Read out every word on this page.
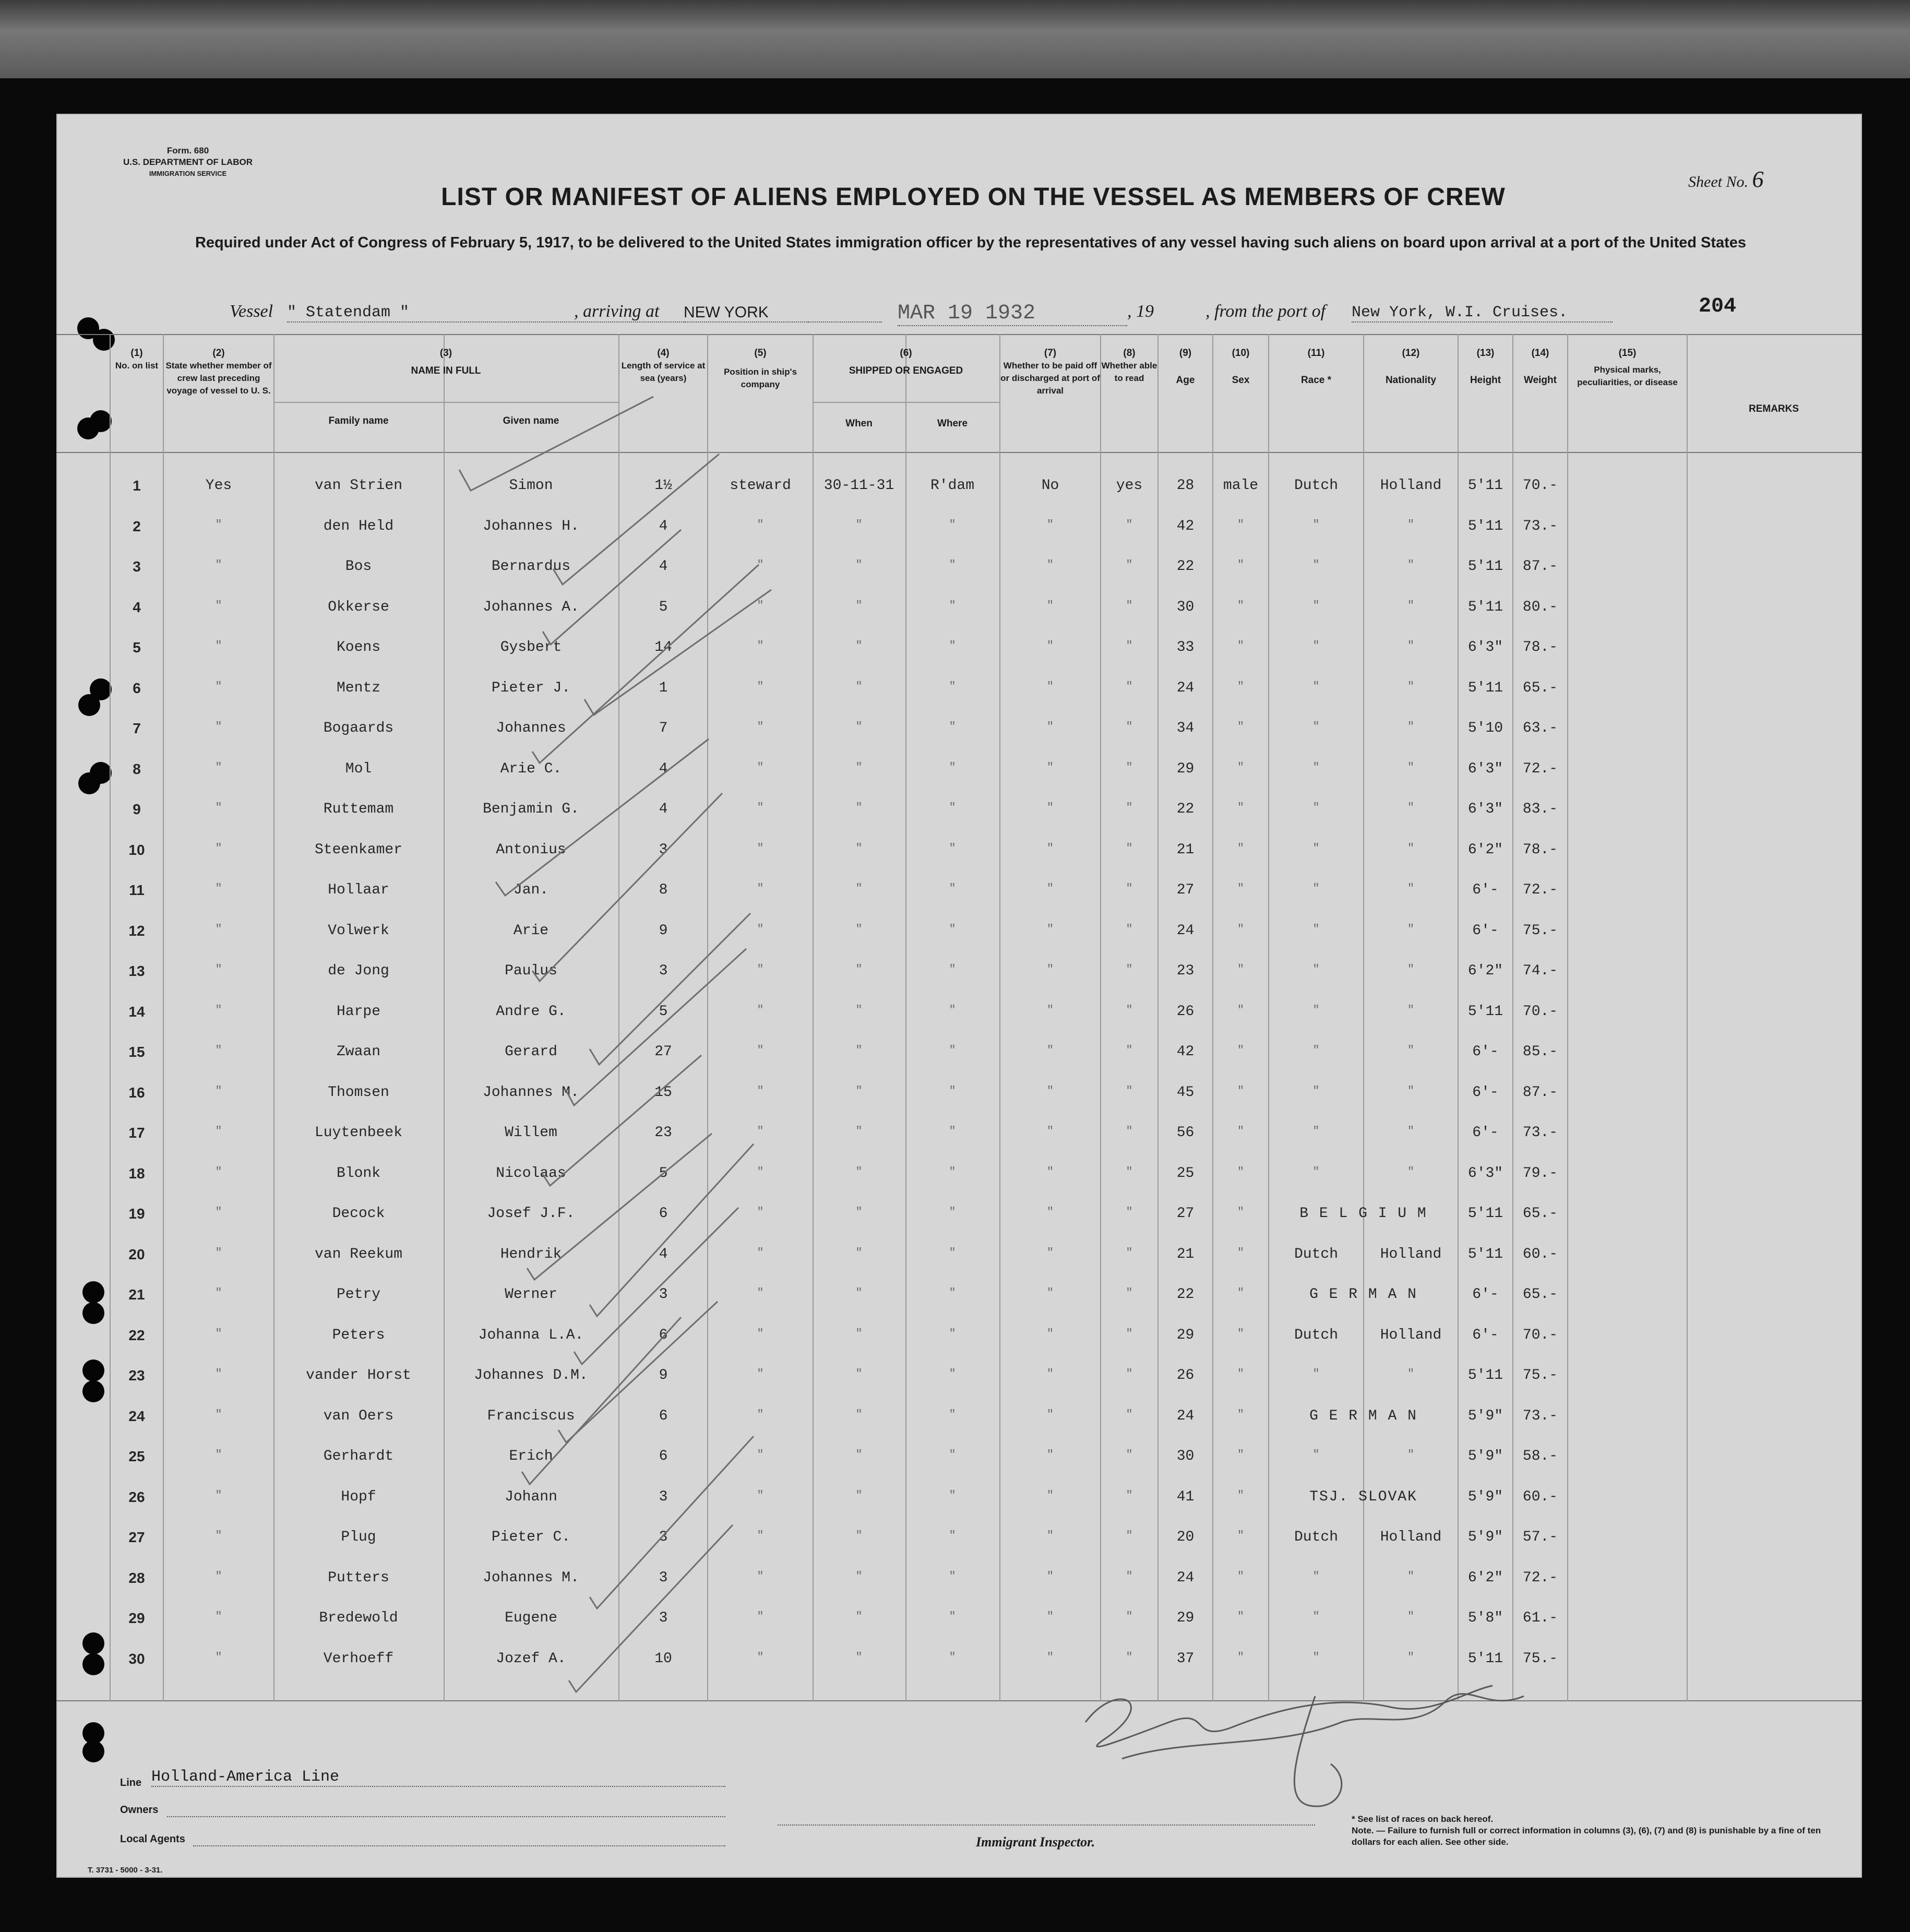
Form. 680
U.S. DEPARTMENT OF LABOR
IMMIGRATION SERVICE	Sheet No. 6
LIST OR MANIFEST OF ALIENS EMPLOYED ON THE VESSEL AS MEMBERS OF CREW
Required under Act of Congress of February 5, 1917, to be delivered to the United States immigration officer by the representatives of any vessel having such aliens on board upon arrival at a port of the United States
204
Vessel " Statendam "	, arriving at NEW YORK	MAR 19 1932	, 19	, from the port of New York, W.I. Cruises.
(1)
No. on list
(2)
State whether member of crew last preceding voyage of vessel to U. S.
(3)
NAME IN FULL
Family name	Given name
(4)
Length of service at sea (years)
(5)
Position in ship's company
(6)
SHIPPED OR ENGAGED
When	Where
(7)
Whether to be paid off or discharged at port of arrival
(8)
Whether able to read
(9)
Age
(10)
Sex
(11)
Race *
(12)
Nationality
(13)
Height
(14)
Weight
(15)
Physical marks, peculiarities, or disease
REMARKS
1	Yes	van Strien	Simon	1½	steward	30-11-31	R'dam	No	yes	28	male	Dutch	Holland	5'11	70.-
2	"	den Held	Johannes H.	4	"	"	"	"	"	42	"	"	"	5'11	73.-
3	"	Bos	Bernardus	4	"	"	"	"	"	22	"	"	"	5'11	87.-
4	"	Okkerse	Johannes A.	5	"	"	"	"	"	30	"	"	"	5'11	80.-
5	"	Koens	Gysbert	14	"	"	"	"	"	33	"	"	"	6'3"	78.-
6	"	Mentz	Pieter J.	1	"	"	"	"	"	24	"	"	"	5'11	65.-
7	"	Bogaards	Johannes	7	"	"	"	"	"	34	"	"	"	5'10	63.-
8	"	Mol	Arie C.	4	"	"	"	"	"	29	"	"	"	6'3"	72.-
9	"	Ruttemam	Benjamin G.	4	"	"	"	"	"	22	"	"	"	6'3"	83.-
10	"	Steenkamer	Antonius	3	"	"	"	"	"	21	"	"	"	6'2"	78.-
11	"	Hollaar	Jan.	8	"	"	"	"	"	27	"	"	"	6'-	72.-
12	"	Volwerk	Arie	9	"	"	"	"	"	24	"	"	"	6'-	75.-
13	"	de Jong	Paulus	3	"	"	"	"	"	23	"	"	"	6'2"	74.-
14	"	Harpe	Andre G.	5	"	"	"	"	"	26	"	"	"	5'11	70.-
15	"	Zwaan	Gerard	27	"	"	"	"	"	42	"	"	"	6'-	85.-
16	"	Thomsen	Johannes M.	15	"	"	"	"	"	45	"	"	"	6'-	87.-
17	"	Luytenbeek	Willem	23	"	"	"	"	"	56	"	"	"	6'-	73.-
18	"	Blonk	Nicolaas	5	"	"	"	"	"	25	"	"	"	6'3"	79.-
19	"	Decock	Josef J.F.	6	"	"	"	"	"	27	"	B E L G I U M	5'11	65.-
20	"	van Reekum	Hendrik	4	"	"	"	"	"	21	"	Dutch	Holland	5'11	60.-
21	"	Petry	Werner	3	"	"	"	"	"	22	"	G E R M A N	6'-	65.-
22	"	Peters	Johanna L.A.	6	"	"	"	"	"	29	"	Dutch	Holland	6'-	70.-
23	"	vander Horst	Johannes D.M.	9	"	"	"	"	"	26	"	"	"	5'11	75.-
24	"	van Oers	Franciscus	6	"	"	"	"	"	24	"	G E R M A N	5'9"	73.-
25	"	Gerhardt	Erich	6	"	"	"	"	"	30	"	"	"	5'9"	58.-
26	"	Hopf	Johann	3	"	"	"	"	"	41	"	TSJ. SLOVAK	5'9"	60.-
27	"	Plug	Pieter C.	3	"	"	"	"	"	20	"	Dutch	Holland	5'9"	57.-
28	"	Putters	Johannes M.	3	"	"	"	"	"	24	"	"	"	6'2"	72.-
29	"	Bredewold	Eugene	3	"	"	"	"	"	29	"	"	"	5'8"	61.-
30	"	Verhoeff	Jozef A.	10	"	"	"	"	"	37	"	"	"	5'11	75.-
Line Holland-America Line
Owners
Local Agents	Immigrant Inspector.
* See list of races on back hereof.
Note. — Failure to furnish full or correct information in columns (3), (6), (7) and (8) is punishable by a fine of ten dollars for each alien. See other side.
T. 3731 - 5000 - 3-31.
